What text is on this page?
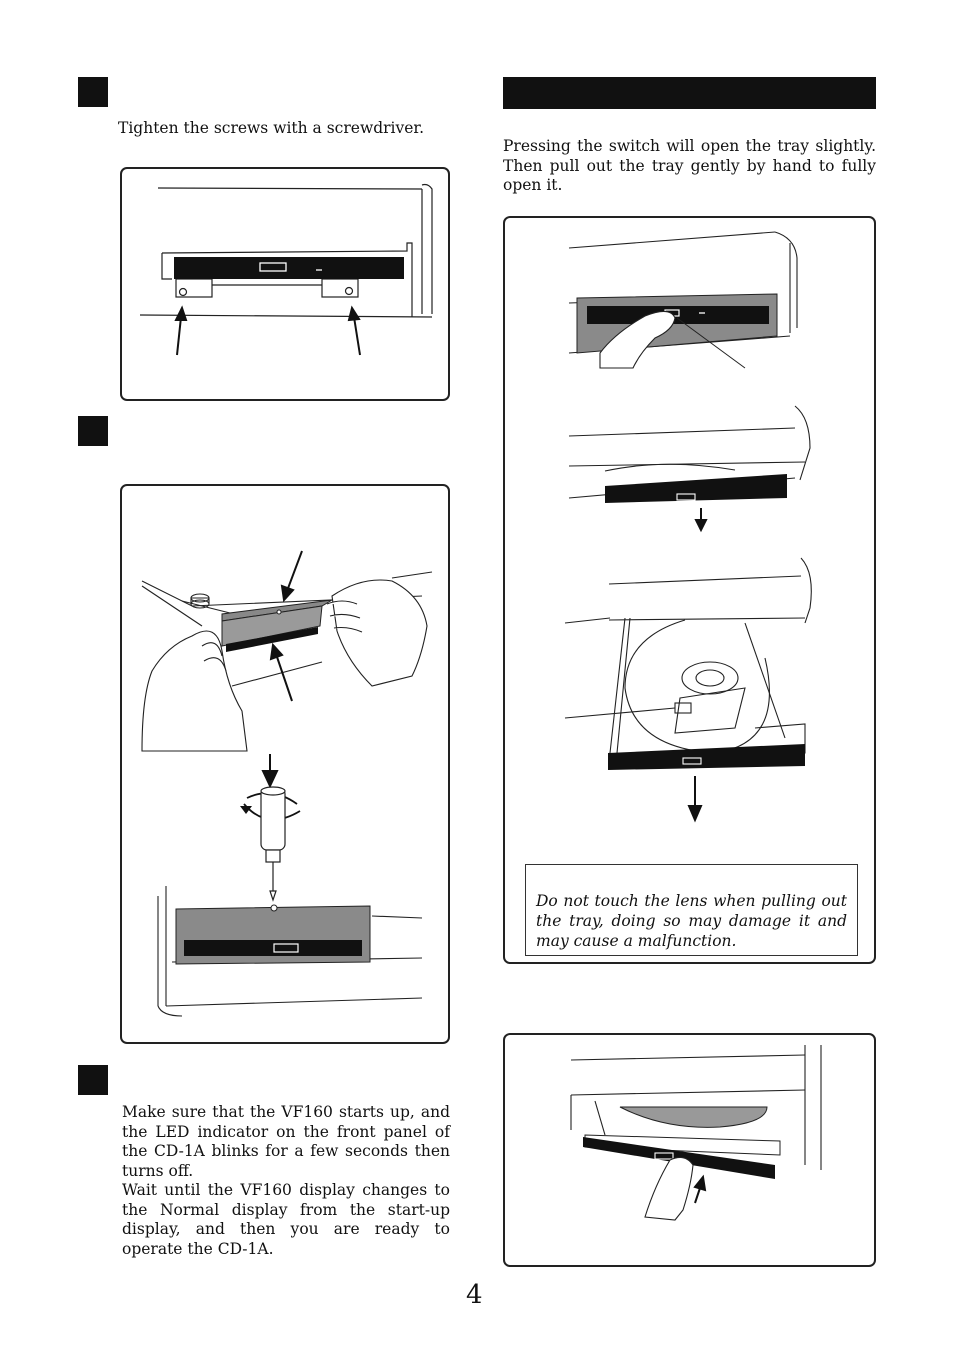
Tighten the screws with a screwdriver.
Make sure that the VF160 starts up, and the LED indicator on the front panel of the CD-1A blinks for a few seconds then turns off.
Wait until the VF160 display changes to the Normal display from the start-up display, and then you are ready to operate the CD-1A.
Pressing the switch will open the tray slightly. Then pull out the tray gently by hand to fully open it.
Do not touch the lens when pulling out the tray, doing so may damage it and may cause a malfunction.
4
